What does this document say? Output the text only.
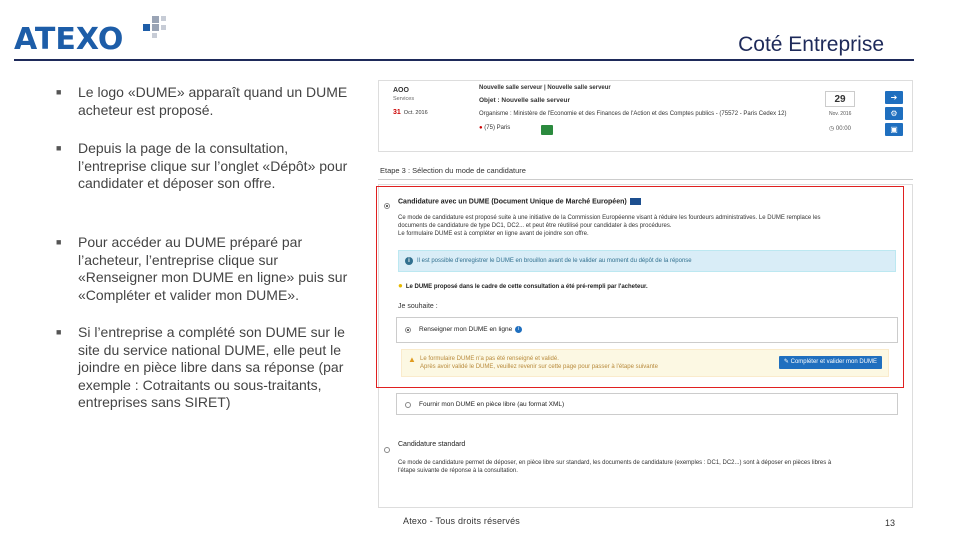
ATEXO	Coté Entreprise
■ Le logo «DUME» apparaît quand un DUME acheteur est proposé.
■ Depuis la page de la consultation, l’entreprise clique sur l’onglet «Dépôt» pour candidater et déposer son offre.
■ Pour accéder au DUME préparé par l’acheteur, l’entreprise clique sur «Renseigner mon DUME en ligne» puis sur «Compléter et valider mon DUME».
■ Si l’entreprise a complété son DUME sur le site du service national DUME, elle peut le joindre en pièce libre dans sa réponse (par exemple : Cotraitants ou sous-traitants, entreprises sans SIRET)
AOO
Services
31 Oct. 2016
Nouvelle salle serveur | Nouvelle salle serveur
Objet : Nouvelle salle serveur
Organisme : Ministère de l'Economie et des Finances de l'Action et des Comptes publics - (75572 - Paris Cedex 12)
● (75) Paris
29
Nov. 2016
◷ 00:00
➔
⚙
▣
Etape 3 : Sélection du mode de candidature
Candidature avec un DUME (Document Unique de Marché Européen)
Ce mode de candidature est proposé suite à une initiative de la Commission Européenne visant à réduire les fourdeurs administratives. Le DUME remplace les
documents de candidature de type DC1, DC2... et peut être réutilisé pour candidater à des procédures.
Le formulaire DUME est à compléter en ligne avant de joindre son offre.
i	Il est possible d'enregistrer le DUME en brouillon avant de le valider au moment du dépôt de la réponse
● Le DUME proposé dans le cadre de cette consultation a été pré-rempli par l'acheteur.
Je souhaite :
Renseigner mon DUME en ligne i
▲ Le formulaire DUME n'a pas été renseigné et validé.
Après avoir validé le DUME, veuillez revenir sur cette page pour passer à l'étape suivante
✎ Compléter et valider mon DUME
Fournir mon DUME en pièce libre (au format XML)
Candidature standard
Ce mode de candidature permet de déposer, en pièce libre sur standard, les documents de candidature (exemples : DC1, DC2...) sont à déposer en pièces libres à
l'étape suivante de réponse à la consultation.
Atexo - Tous droits réservés	13
